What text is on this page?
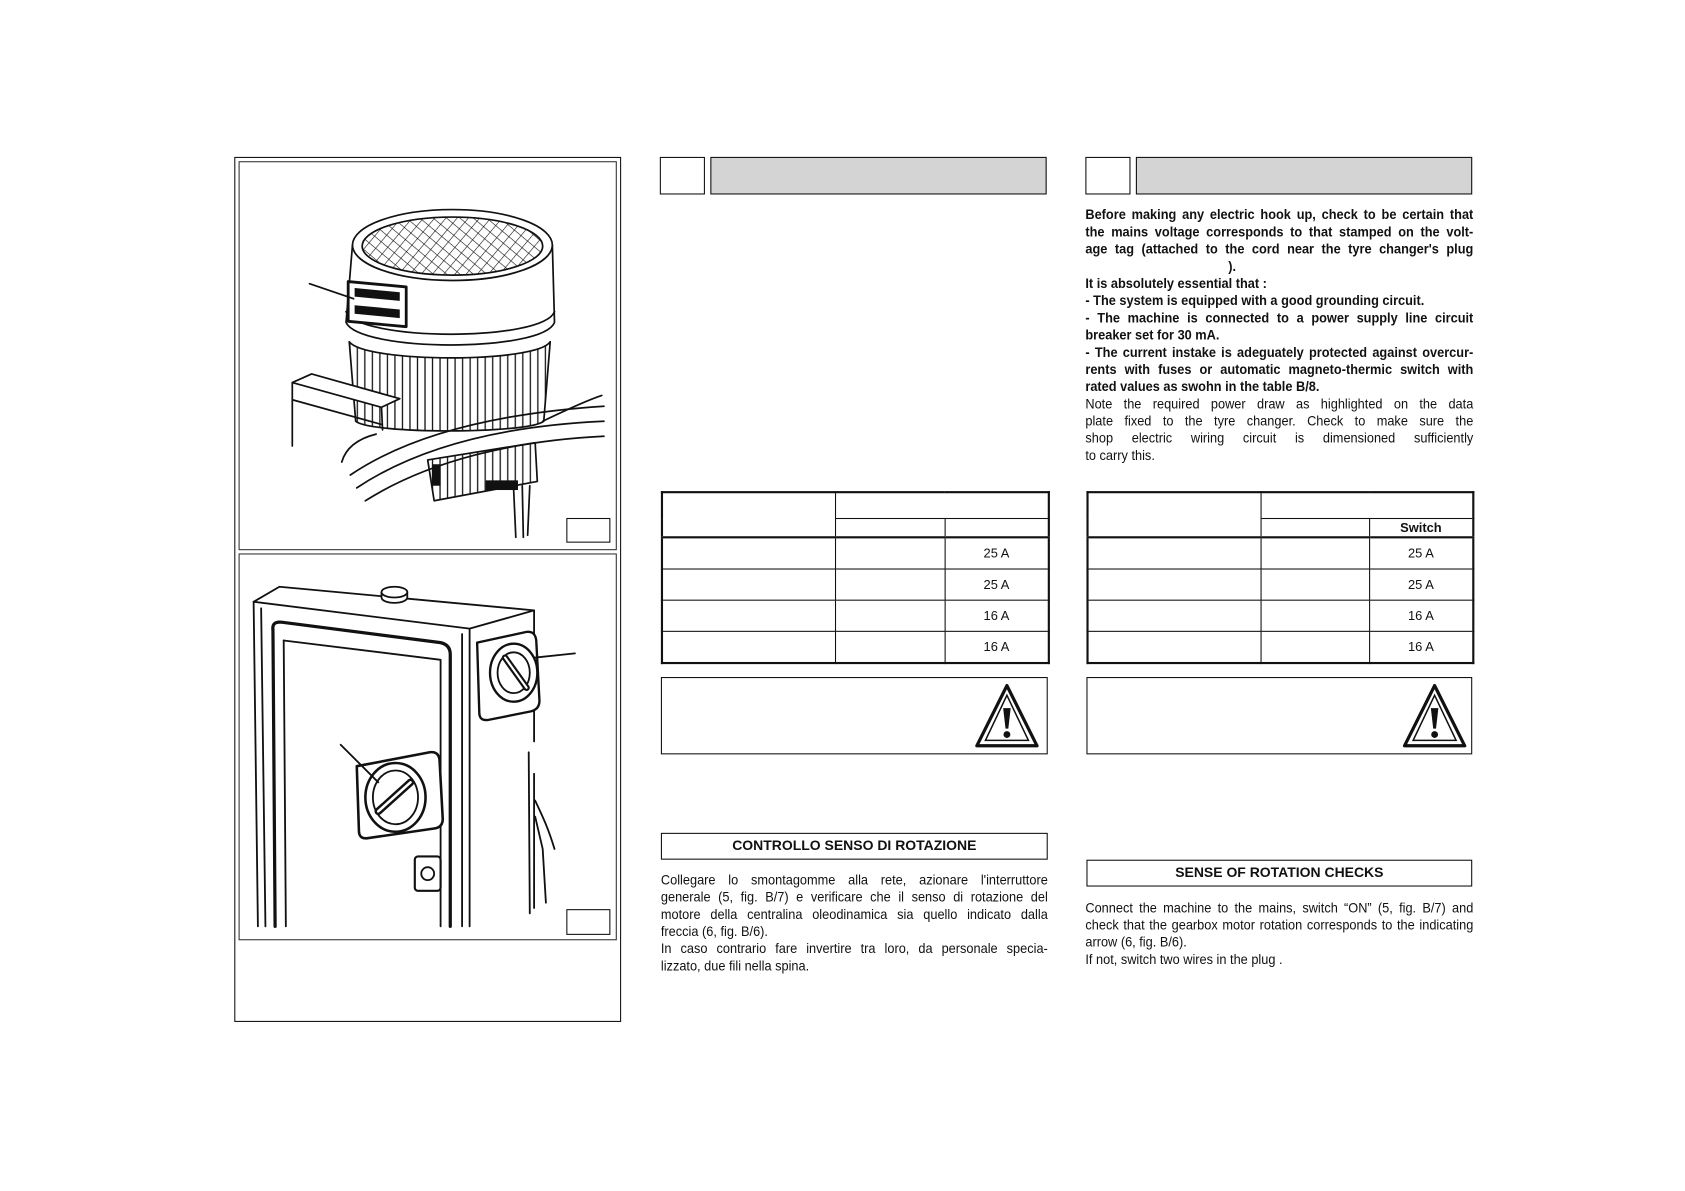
		25 A
		25 A
		16 A
		16 A
CONTROLLO SENSO DI ROTAZIONE
Collegare lo smontagomme alla rete, azionare l'interruttore
generale (5, fig. B/7) e verificare che il senso di rotazione del
motore della centralina oleodinamica sia quello indicato dalla
freccia (6, fig. B/6).
In caso contrario fare invertire tra loro, da personale specia-
lizzato, due fili nella spina.
Before making any electric hook up, check to be certain that
the mains voltage corresponds to that stamped on the volt-
age tag (attached to the cord near the tyre changer's plug
).
It is absolutely essential that :
- The system is equipped with a good grounding circuit.
- The machine is connected to a power supply line circuit
breaker set for 30 mA.
- The current instake is adeguately protected against overcur-
rents with fuses or automatic magneto-thermic switch with
rated values as swohn in the table B/8.
Note the required power draw as highlighted on the data
plate fixed to the tyre changer. Check to make sure the
shop electric wiring circuit is dimensioned sufficiently
to carry this.

		Switch
		25 A
		25 A
		16 A
		16 A
SENSE OF ROTATION CHECKS
Connect the machine to the mains, switch “ON” (5, fig. B/7) and
check that the gearbox motor rotation corresponds to the indicating
arrow (6, fig. B/6).
If not, switch two wires in the plug .
